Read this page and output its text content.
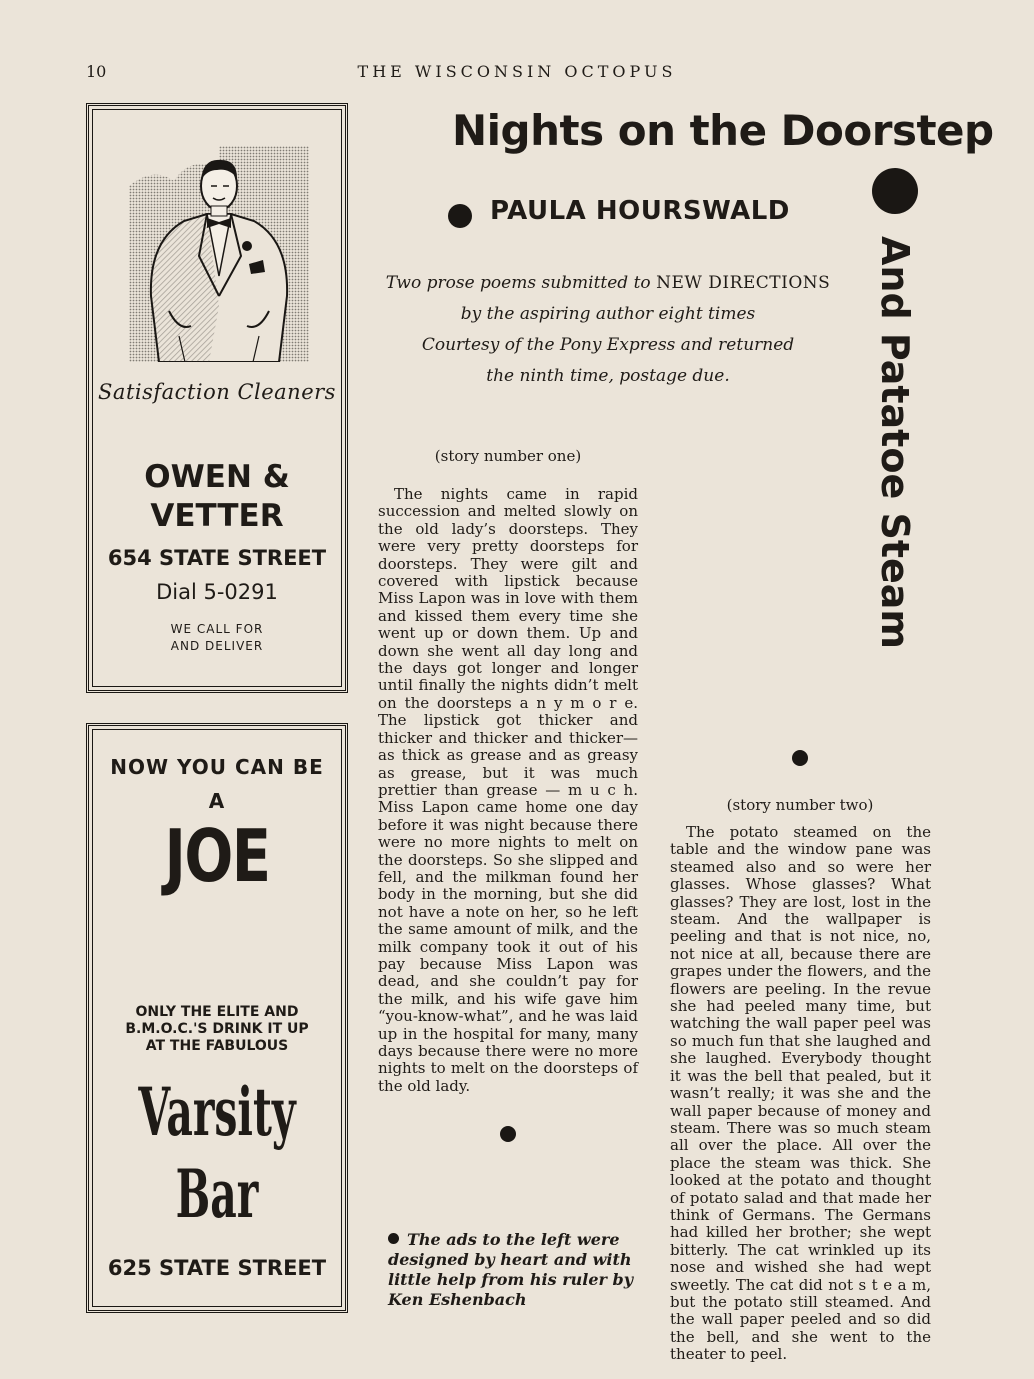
10	THE WISCONSIN OCTOPUS
Satisfaction Cleaners
OWEN &
VETTER
654 STATE STREET
Dial 5-0291
WE CALL FOR
AND DELIVER
NOW YOU CAN BE
A
JOE
ONLY THE ELITE AND
B.M.O.C.'S DRINK IT UP
AT THE FABULOUS
Varsity
Bar
625 STATE STREET
Nights on the Doorstep
And Patatoe Steam
PAULA HOURSWALD
Two prose poems submitted to NEW DIRECTIONS
by the aspiring author eight times
Courtesy of the Pony Express and returned
the ninth time, postage due.
(story number one)
The nights came in rapid succession and melted slowly on the old lady’s doorsteps. They were very pretty doorsteps for doorsteps. They were gilt and covered with lipstick because Miss Lapon was in love with them and kissed them every time she went up or down them. Up and down she went all day long and the days got longer and longer until finally the nights didn’t melt on the doorsteps a n y m o r e. The lipstick got thicker and thicker and thicker and thicker—as thick as grease and as greasy as grease, but it was much prettier than grease — m u c h. Miss Lapon came home one day before it was night because there were no more nights to melt on the doorsteps. So she slipped and fell, and the milkman found her body in the morning, but she did not have a note on her, so he left the same amount of milk, and the milk company took it out of his pay because Miss Lapon was dead, and she couldn’t pay for the milk, and his wife gave him “you-know-what”, and he was laid up in the hospital for many, many days because there were no more nights to melt on the doorsteps of the old lady.
The ads to the left were designed by heart and with little help from his ruler by Ken Eshenbach
(story number two)
The potato steamed on the table and the window pane was steamed also and so were her glasses. Whose glasses? What glasses? They are lost, lost in the steam. And the wallpaper is peeling and that is not nice, no, not nice at all, because there are grapes under the flowers, and the flowers are peeling. In the revue she had peeled many time, but watching the wall paper peel was so much fun that she laughed and she laughed. Everybody thought it was the bell that pealed, but it wasn’t really; it was she and the wall paper because of money and steam. There was so much steam all over the place. All over the place the steam was thick. She looked at the potato and thought of potato salad and that made her think of Germans. The Germans had killed her brother; she wept bitterly. The cat wrinkled up its nose and wished she had wept sweetly. The cat did not s t e a m, but the potato still steamed. And the wall paper peeled and so did the bell, and she went to the theater to peel.
